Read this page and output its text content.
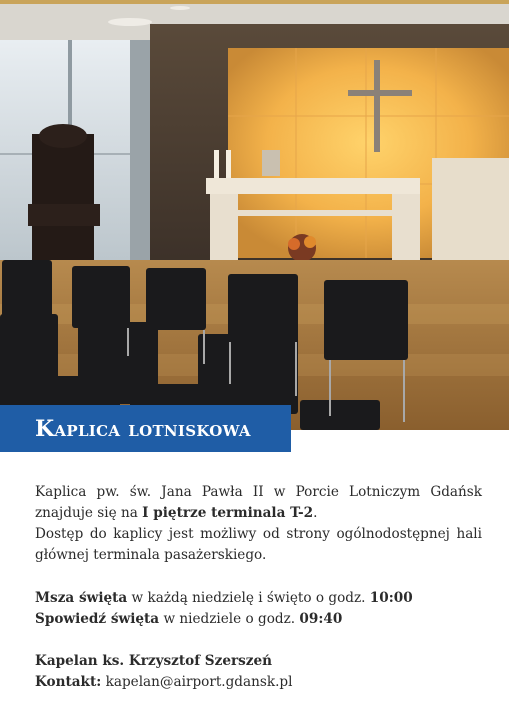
Kaplica lotniskowa

Kaplica pw. św. Jana Pawła II w Porcie Lotniczym Gdańsk znajduje się na I piętrze terminala T-2.

Dostęp do kaplicy jest możliwy od strony ogólnodostępnej hali głównej terminala pasażerskiego.

Msza święta w każdą niedzielę i święto o godz. 10:00

Spowiedź święta w niedziele o godz. 09:40

Kapelan ks. Krzysztof Szerszeń

Kontakt: kapelan@airport.gdansk.pl
